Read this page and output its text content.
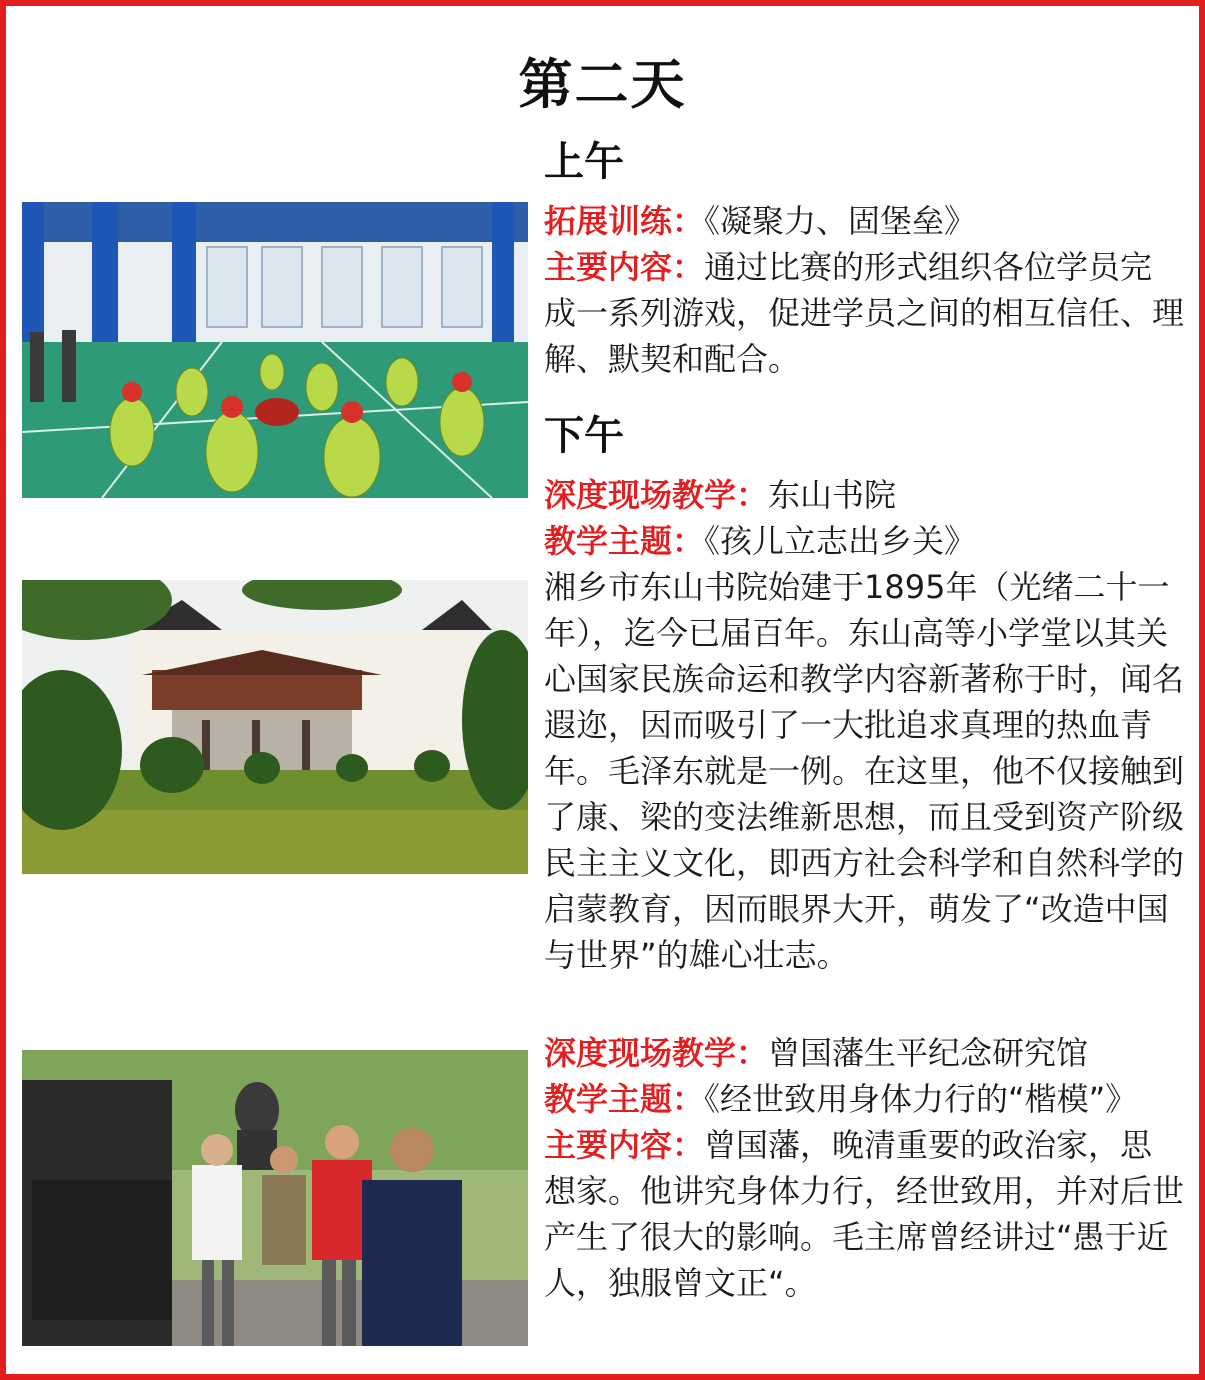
第二天
上午

拓展训练：《凝聚力、固堡垒》

主要内容：通过比赛的形式组织各位学员完成一系列游戏，促进学员之间的相互信任、理解、默契和配合。

下午

深度现场教学：东山书院

教学主题：《孩儿立志出乡关》

湘乡市东山书院始建于1895年（光绪二十一年），迄今已届百年。东山高等小学堂以其关心国家民族命运和教学内容新著称于时，闻名遐迩，因而吸引了一大批追求真理的热血青年。毛泽东就是一例。在这里，他不仅接触到了康、梁的变法维新思想，而且受到资产阶级民主主义文化，即西方社会科学和自然科学的启蒙教育，因而眼界大开，萌发了“改造中国与世界”的雄心壮志。

深度现场教学：曾国藩生平纪念研究馆

教学主题：《经世致用身体力行的“楷模”》

主要内容：曾国藩，晚清重要的政治家，思想家。他讲究身体力行，经世致用，并对后世产生了很大的影响。毛主席曾经讲过“愚于近人，独服曾文正“。
